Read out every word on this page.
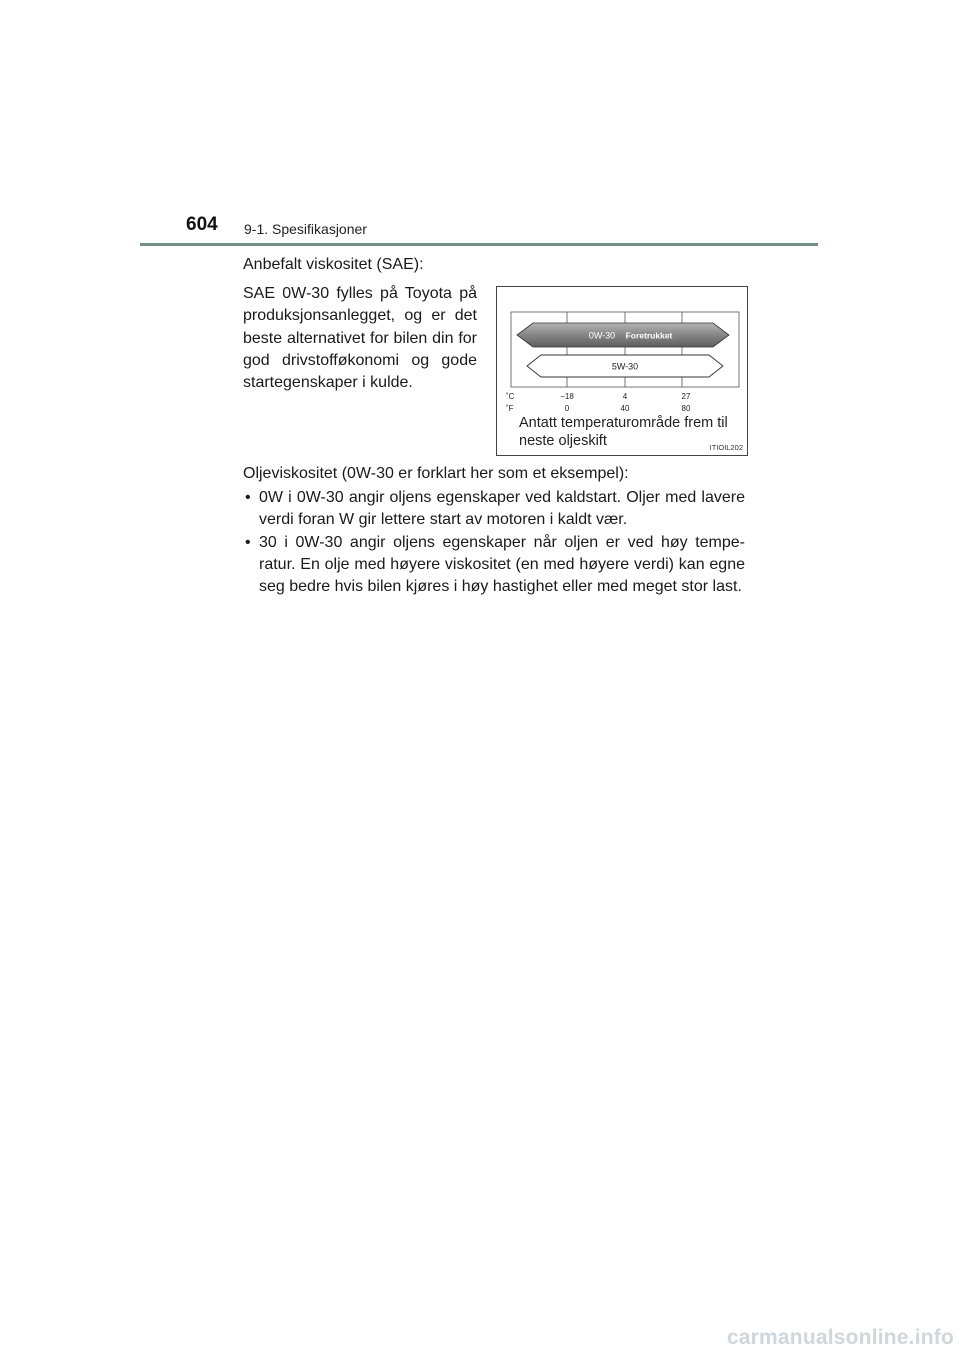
604 9-1. Spesifikasjoner
Anbefalt viskositet (SAE):
SAE 0W-30 fylles på Toyota på produksjonsanlegget, og er det beste alternativet for bilen din for god drivstofføkonomi og gode startegenskaper i kulde.
0W-30 Foretrukket
5W-30
˚C
˚F
−18	4	27
0	40	80
Antatt temperaturområde frem til neste oljeskift	ITIOIL202
Oljeviskositet (0W-30 er forklart her som et eksempel):
• 0W i 0W-30 angir oljens egenskaper ved kaldstart. Oljer med lavere verdi foran W gir lettere start av motoren i kaldt vær.
• 30 i 0W-30 angir oljens egenskaper når oljen er ved høy tempe-ratur. En olje med høyere viskositet (en med høyere verdi) kan egne seg bedre hvis bilen kjøres i høy hastighet eller med meget stor last.
carmanualsonline.info
